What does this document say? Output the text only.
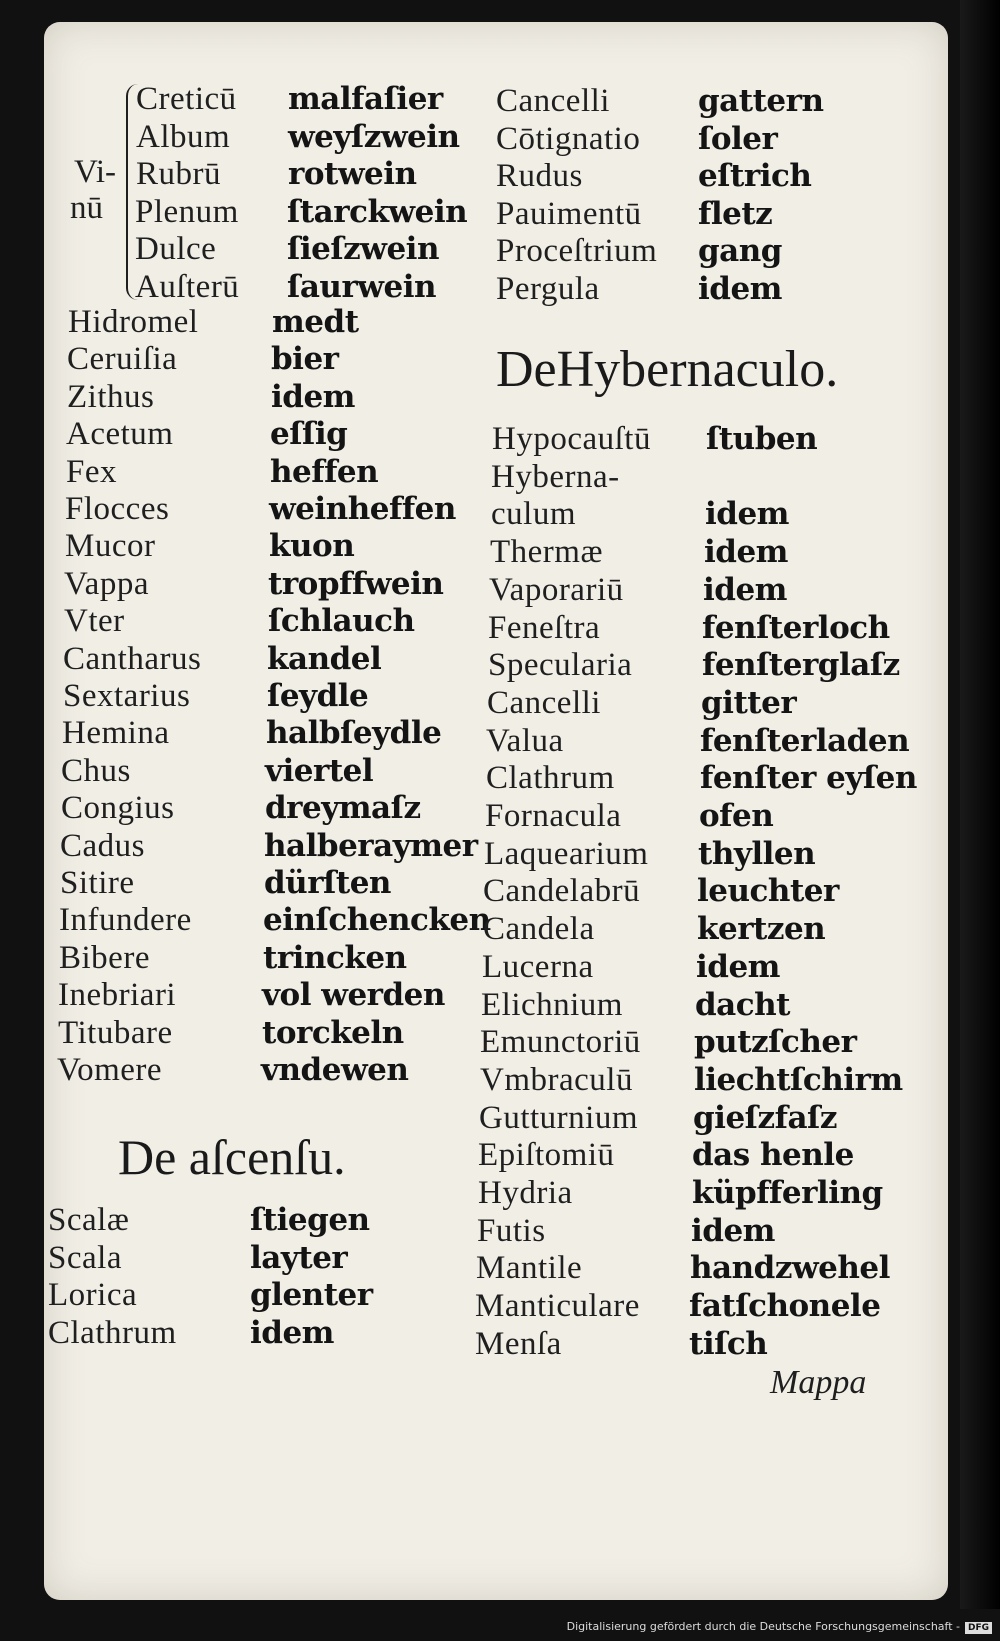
Vi-
nū
Creticū malfaſier
Album weyſzwein
Rubrū rotwein
Plenum ſtarckwein
Dulce ſieſzwein
Auſterū ſaurwein
Hidromel medt
Ceruiſia	bier
Zithus	idem
Acetum	eſſig
Fex	heffen
Flocces	weinheffen
Mucor	kuon
Vappa	tropffwein
Vter	ſchlauch
Cantharus kandel
Sextarius ſeydle
Hemina	halbſeydle
Chus	viertel
Congius	dreymaſz
Cadus	halberaymer
Sitire	dürſten
Infundere einſchencken
Bibere	trincken
Inebriari	vol werden
Titubare	torckeln
Vomere	vndewen
De aſcenſu.
Scalæ	ſtiegen
Scala	layter
Lorica	glenter
Clathrum idem
Cancelli	gattern
Cōtignatio ſoler
Rudus	eſtrich
Pauimentū fletz
Proceſtrium gang
Pergula	idem
DeHybernaculo.
Hypocauſtū ſtuben
Hyberna-
culum	idem
Thermæ	idem
Vaporariū	idem
Feneſtra	fenſterloch
Specularia fenſterglaſz
Cancelli	gitter
Valua	fenſterladen
Clathrum	fenſter eyſen
Fornacula	ofen
Laquearium thyllen
Candelabrū leuchter
Candela	kertzen
Lucerna	idem
Elichnium dacht
Emunctoriū putzſcher
Vmbraculū liechtſchirm
Gutturnium gieſzfaſz
Epiſtomiū	das henle
Hydria	küpfferling
Futis	idem
Mantile	handzwehel
Manticulare fatſchonele
Menſa	tiſch
Mappa
Digitalisierung gefördert durch die Deutsche Forschungsgemeinschaft - DFG
